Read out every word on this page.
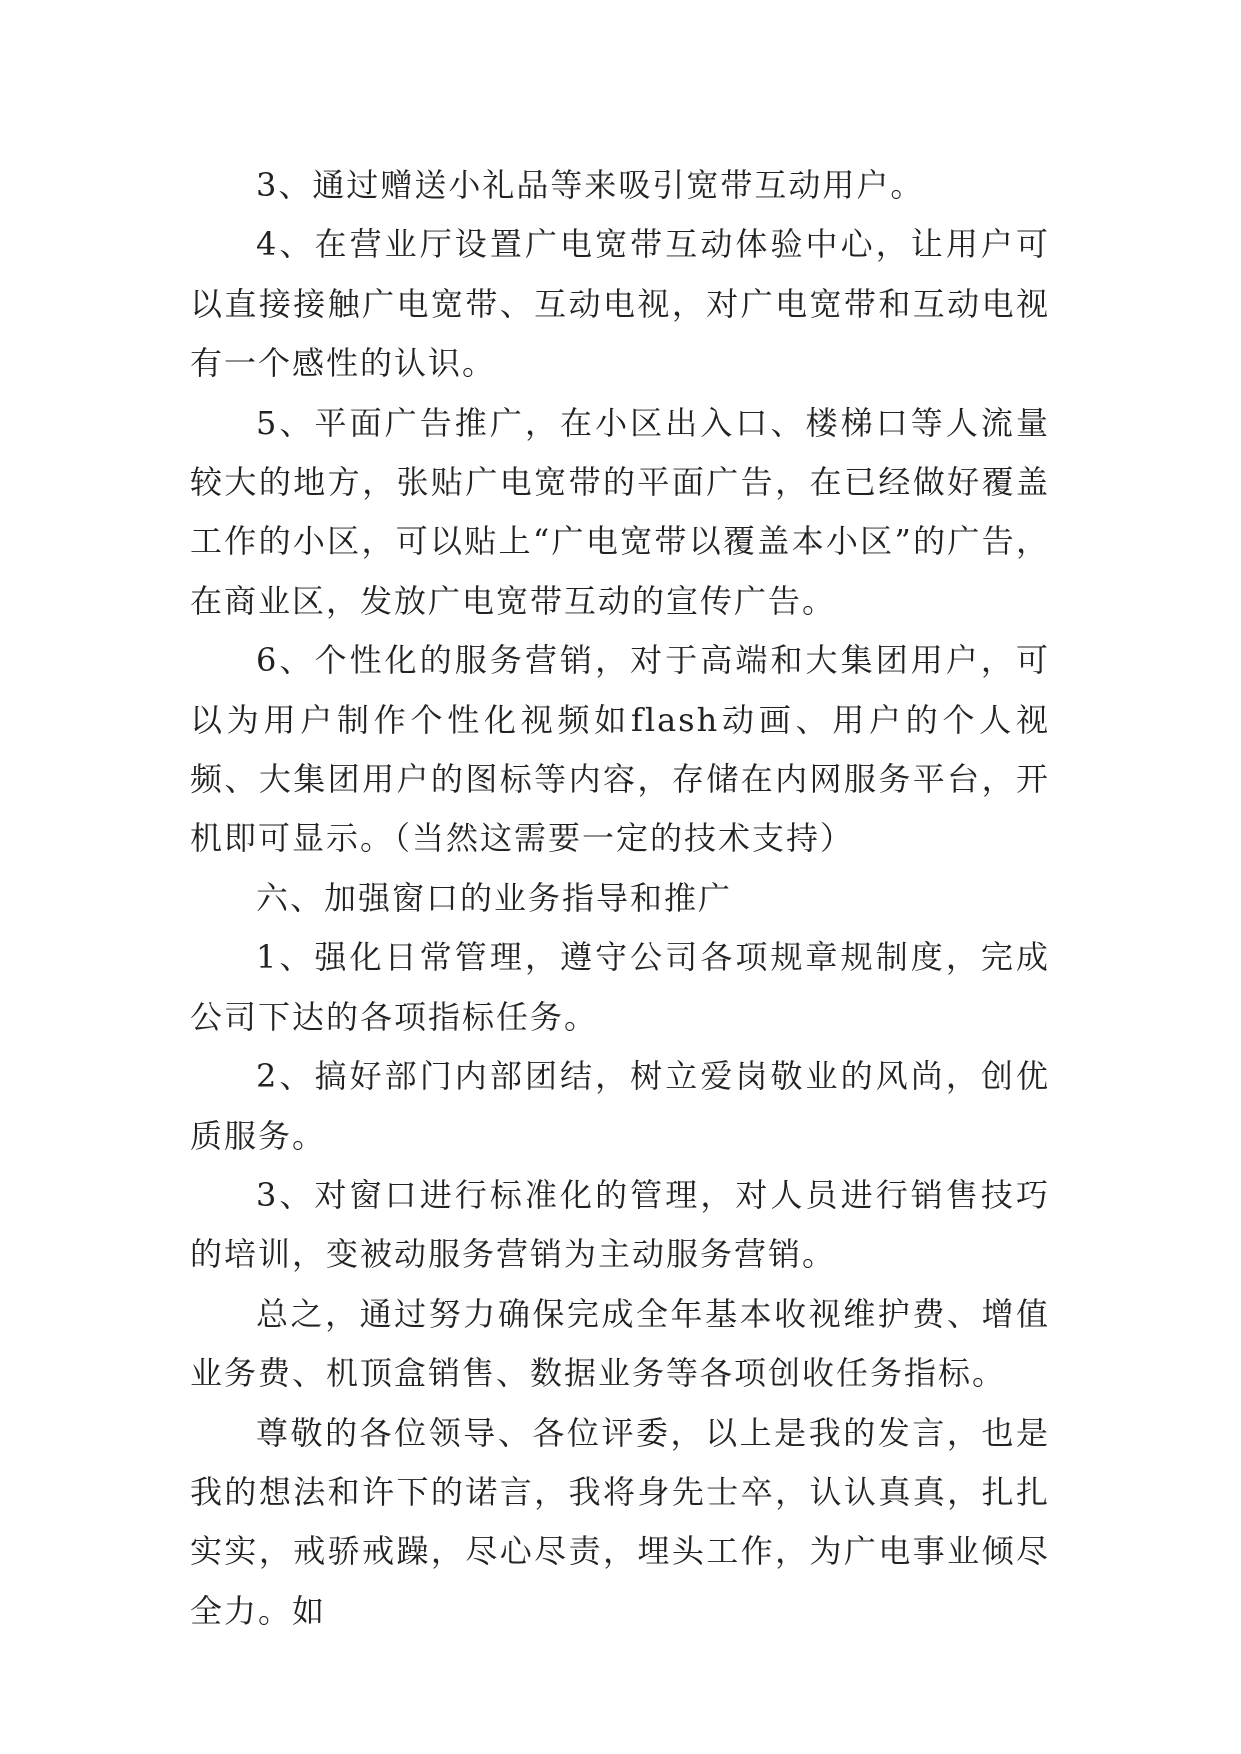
3、通过赠送小礼品等来吸引宽带互动用户。

4、在营业厅设置广电宽带互动体验中心，让用户可以直接接触广电宽带、互动电视，对广电宽带和互动电视有一个感性的认识。

5、平面广告推广，在小区出入口、楼梯口等人流量较大的地方，张贴广电宽带的平面广告，在已经做好覆盖工作的小区，可以贴上“广电宽带以覆盖本小区”的广告，在商业区，发放广电宽带互动的宣传广告。

6、个性化的服务营销，对于高端和大集团用户，可以为用户制作个性化视频如flash动画、用户的个人视频、大集团用户的图标等内容，存储在内网服务平台，开机即可显示。（当然这需要一定的技术支持）

六、加强窗口的业务指导和推广

1、强化日常管理，遵守公司各项规章规制度，完成公司下达的各项指标任务。

2、搞好部门内部团结，树立爱岗敬业的风尚，创优质服务。

3、对窗口进行标准化的管理，对人员进行销售技巧的培训，变被动服务营销为主动服务营销。

总之，通过努力确保完成全年基本收视维护费、增值业务费、机顶盒销售、数据业务等各项创收任务指标。

尊敬的各位领导、各位评委，以上是我的发言，也是我的想法和许下的诺言，我将身先士卒，认认真真，扎扎实实，戒骄戒躁，尽心尽责，埋头工作，为广电事业倾尽全力。如
